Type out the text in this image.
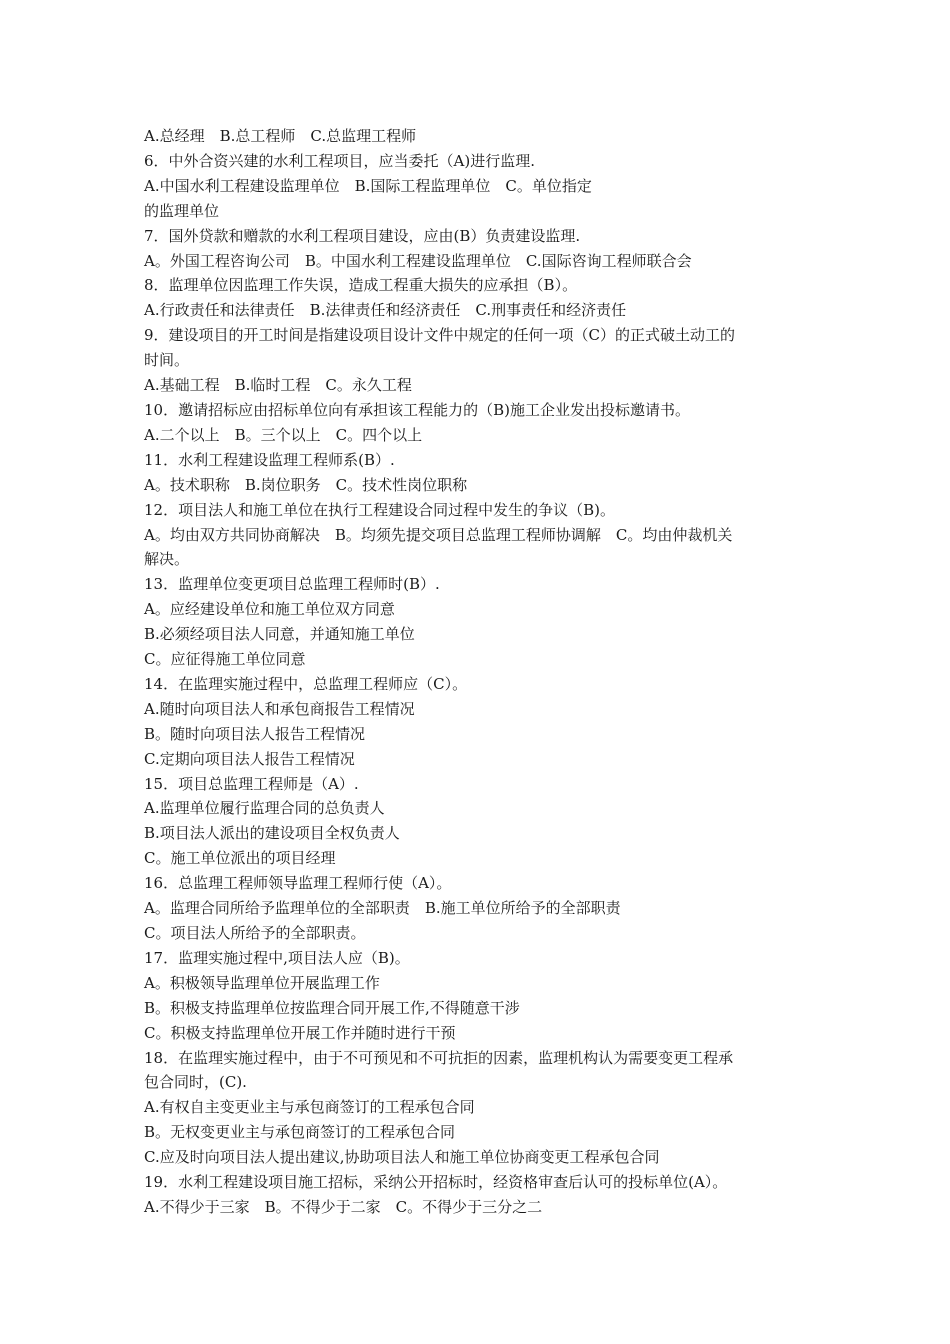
A.总经理　B.总工程师　C.总监理工程师
6．中外合资兴建的水利工程项目，应当委托（A)进行监理.
A.中国水利工程建设监理单位　B.国际工程监理单位　C。单位指定
的监理单位
7．国外贷款和赠款的水利工程项目建设，应由(B）负责建设监理.
A。外国工程咨询公司　B。中国水利工程建设监理单位　C.国际咨询工程师联合会
8．监理单位因监理工作失误，造成工程重大损失的应承担（B）。
A.行政责任和法律责任　B.法律责任和经济责任　C.刑事责任和经济责任
9．建设项目的开工时间是指建设项目设计文件中规定的任何一项（C）的正式破土动工的
时间。
A.基础工程　B.临时工程　C。永久工程
10．邀请招标应由招标单位向有承担该工程能力的（B)施工企业发出投标邀请书。
A.二个以上　B。三个以上　C。四个以上
11．水利工程建设监理工程师系(B）.
A。技术职称　B.岗位职务　C。技术性岗位职称
12．项目法人和施工单位在执行工程建设合同过程中发生的争议（B)。
A。均由双方共同协商解决　B。均须先提交项目总监理工程师协调解　C。均由仲裁机关
解决。
13．监理单位变更项目总监理工程师时(B）.
A。应经建设单位和施工单位双方同意
B.必须经项目法人同意，并通知施工单位
C。应征得施工单位同意
14．在监理实施过程中，总监理工程师应（C）。
A.随时向项目法人和承包商报告工程情况
B。随时向项目法人报告工程情况
C.定期向项目法人报告工程情况
15．项目总监理工程师是（A）.
A.监理单位履行监理合同的总负责人
B.项目法人派出的建设项目全权负责人
C。施工单位派出的项目经理
16．总监理工程师领导监理工程师行使（A）。
A。监理合同所给予监理单位的全部职责　B.施工单位所给予的全部职责
C。项目法人所给予的全部职责。
17．监理实施过程中,项目法人应（B)。
A。积极领导监理单位开展监理工作
B。积极支持监理单位按监理合同开展工作,不得随意干涉
C。积极支持监理单位开展工作并随时进行干预
18．在监理实施过程中，由于不可预见和不可抗拒的因素，监理机构认为需要变更工程承
包合同时，(C).
A.有权自主变更业主与承包商签订的工程承包合同
B。无权变更业主与承包商签订的工程承包合同
C.应及时向项目法人提出建议,协助项目法人和施工单位协商变更工程承包合同
19．水利工程建设项目施工招标，采纳公开招标时，经资格审查后认可的投标单位(A）。
A.不得少于三家　B。不得少于二家　C。不得少于三分之二
